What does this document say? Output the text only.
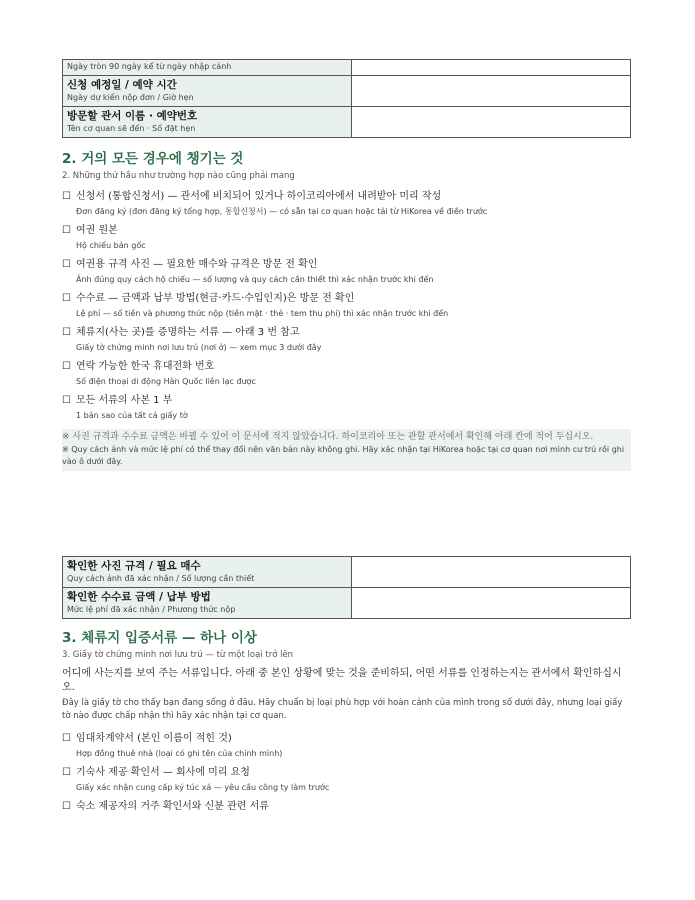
Ngày tròn 90 ngày kể từ ngày nhập cảnh	

신청 예정일 / 예약 시간
Ngày dự kiến nộp đơn / Giờ hẹn	

방문할 관서 이름 · 예약번호
Tên cơ quan sẽ đến · Số đặt hẹn	

2. 거의 모든 경우에 챙기는 것
2. Những thứ hầu như trường hợp nào cũng phải mang
☐ 신청서 (통합신청서) — 관서에 비치되어 있거나 하이코리아에서 내려받아 미리 작성
Đơn đăng ký (đơn đăng ký tổng hợp, 통합신청서) — có sẵn tại cơ quan hoặc tải từ HiKorea về điền trước
☐ 여권 원본
Hộ chiếu bản gốc
☐ 여권용 규격 사진 — 필요한 매수와 규격은 방문 전 확인
Ảnh đúng quy cách hộ chiếu — số lượng và quy cách cần thiết thì xác nhận trước khi đến
☐ 수수료 — 금액과 납부 방법(현금·카드·수입인지)은 방문 전 확인
Lệ phí — số tiền và phương thức nộp (tiền mặt · thẻ · tem thu phí) thì xác nhận trước khi đến
☐ 체류지(사는 곳)를 증명하는 서류 — 아래 3 번 참고
Giấy tờ chứng minh nơi lưu trú (nơi ở) — xem mục 3 dưới đây
☐ 연락 가능한 한국 휴대전화 번호
Số điện thoại di động Hàn Quốc liên lạc được
☐ 모든 서류의 사본 1 부
1 bản sao của tất cả giấy tờ
※ 사진 규격과 수수료 금액은 바뀔 수 있어 이 문서에 적지 않았습니다. 하이코리아 또는 관할 관서에서 확인해 아래 칸에 적어 두십시오.
※ Quy cách ảnh và mức lệ phí có thể thay đổi nên văn bản này không ghi. Hãy xác nhận tại HiKorea hoặc tại cơ quan nơi mình cư trú rồi ghi vào ô dưới đây.
확인한 사진 규격 / 필요 매수
Quy cách ảnh đã xác nhận / Số lượng cần thiết	

확인한 수수료 금액 / 납부 방법
Mức lệ phí đã xác nhận / Phương thức nộp	

3. 체류지 입증서류 — 하나 이상
3. Giấy tờ chứng minh nơi lưu trú — từ một loại trở lên
어디에 사는지를 보여 주는 서류입니다. 아래 중 본인 상황에 맞는 것을 준비하되, 어떤 서류를 인정하는지는 관서에서 확인하십시오.
Đây là giấy tờ cho thấy bạn đang sống ở đâu. Hãy chuẩn bị loại phù hợp với hoàn cảnh của mình trong số dưới đây, nhưng loại giấy tờ nào được chấp nhận thì hãy xác nhận tại cơ quan.
☐ 임대차계약서 (본인 이름이 적힌 것)
Hợp đồng thuê nhà (loại có ghi tên của chính mình)
☐ 기숙사 제공 확인서 — 회사에 미리 요청
Giấy xác nhận cung cấp ký túc xá — yêu cầu công ty làm trước
☐ 숙소 제공자의 거주 확인서와 신분 관련 서류
